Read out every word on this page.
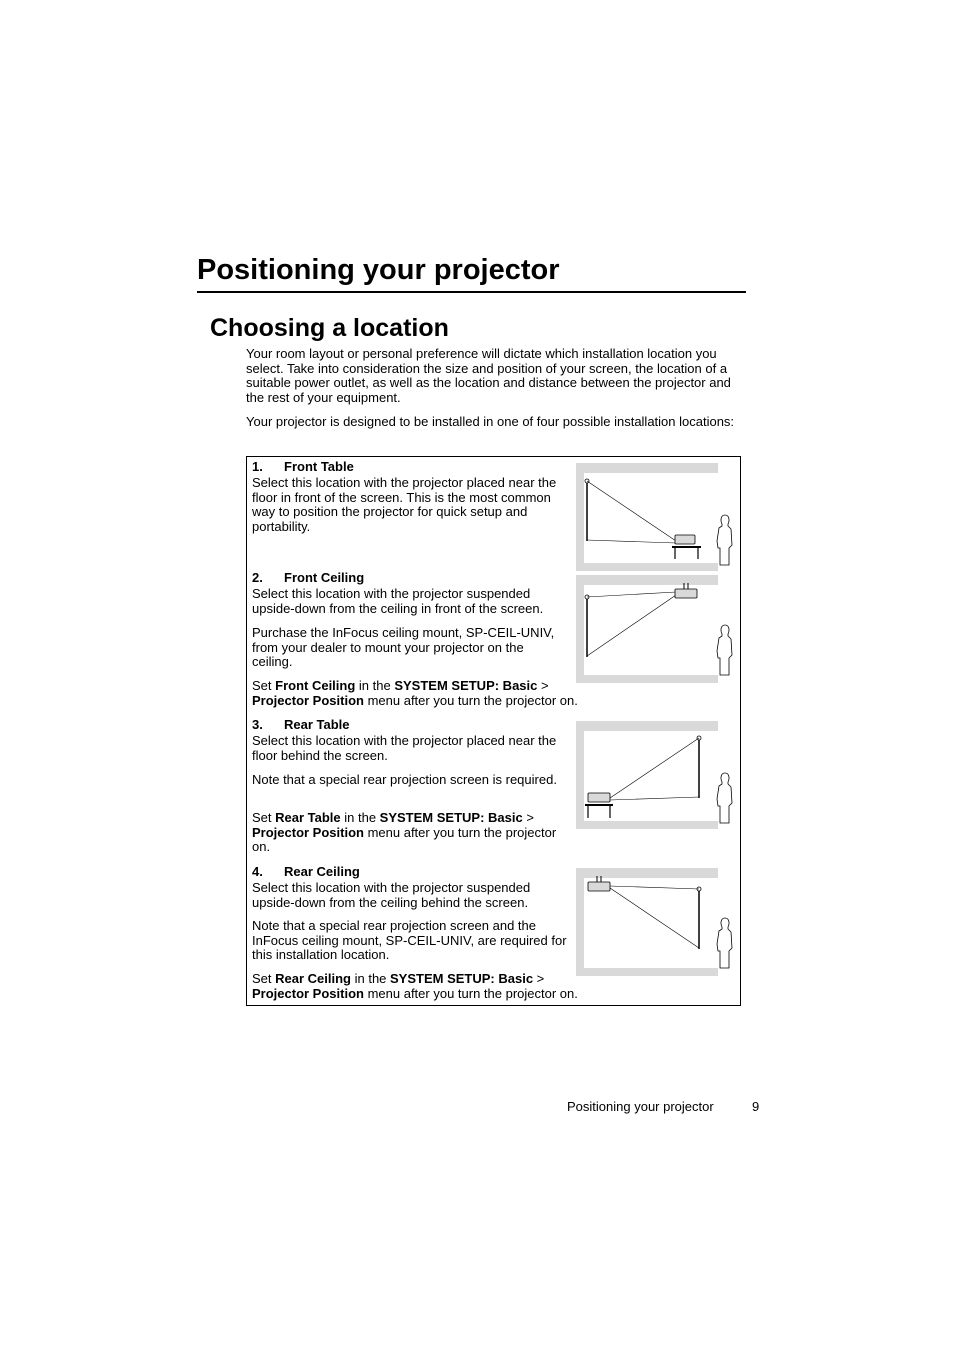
Positioning your projector
Choosing a location

Your room layout or personal preference will dictate which installation location you select. Take into consideration the size and position of your screen, the location of a suitable power outlet, as well as the location and distance between the projector and the rest of your equipment.

Your projector is designed to be installed in one of four possible installation locations:

1. Front Table

Select this location with the projector placed near the floor in front of the screen. This is the most common way to position the projector for quick setup and portability.

2. Front Ceiling

Select this location with the projector suspended upside-down from the ceiling in front of the screen.

Purchase the InFocus ceiling mount, SP-CEIL-UNIV, from your dealer to mount your projector on the ceiling.

Set Front Ceiling in the SYSTEM SETUP: Basic > Projector Position menu after you turn the projector on.

3. Rear Table

Select this location with the projector placed near the floor behind the screen.

Note that a special rear projection screen is required.

Set Rear Table in the SYSTEM SETUP: Basic > Projector Position menu after you turn the projector on.

4. Rear Ceiling

Select this location with the projector suspended upside-down from the ceiling behind the screen.

Note that a special rear projection screen and the InFocus ceiling mount, SP-CEIL-UNIV, are required for this installation location.

Set Rear Ceiling in the SYSTEM SETUP: Basic > Projector Position menu after you turn the projector on.

Positioning your projector	9
